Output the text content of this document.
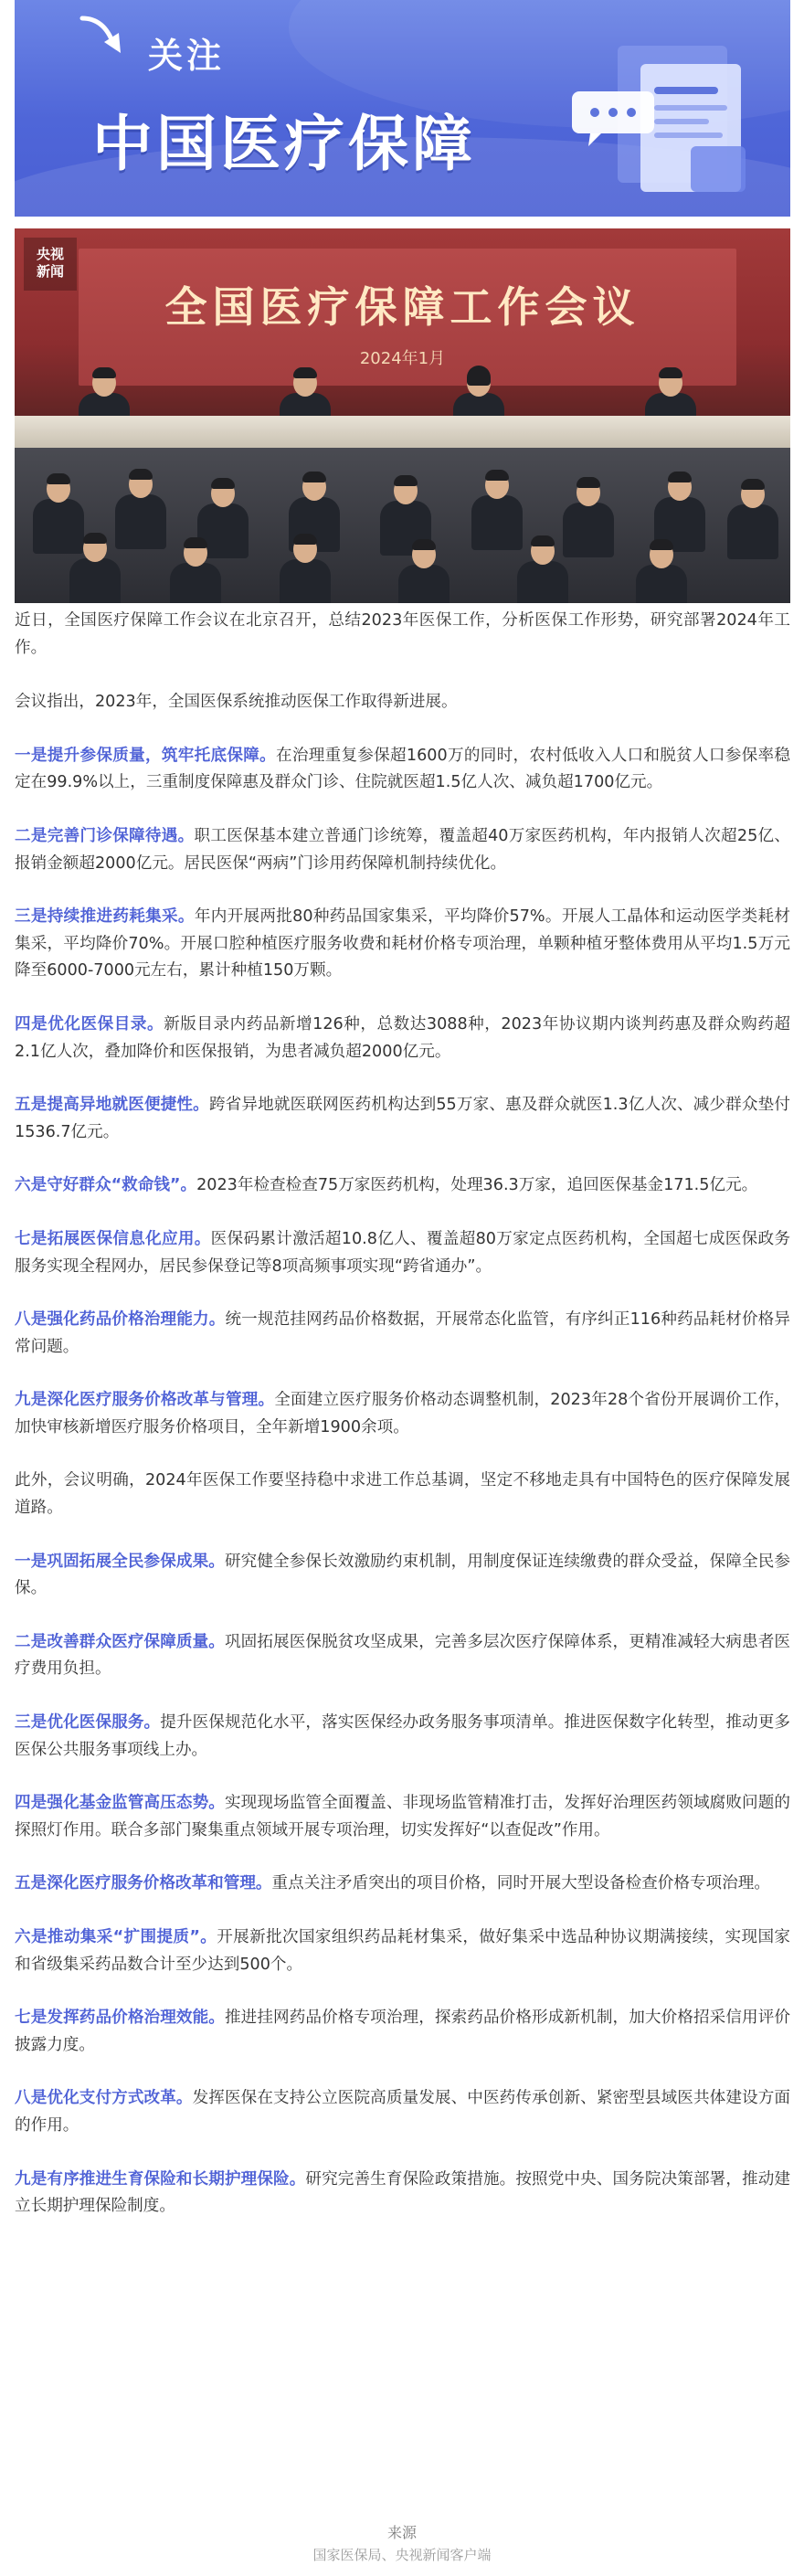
关注
中国医疗保障
央视
新闻
全国医疗保障工作会议
2024年1月

近日，全国医疗保障工作会议在北京召开，总结2023年医保工作，分析医保工作形势，研究部署2024年工作。

会议指出，2023年，全国医保系统推动医保工作取得新进展。

一是提升参保质量，筑牢托底保障。在治理重复参保超1600万的同时，农村低收入人口和脱贫人口参保率稳定在99.9%以上，三重制度保障惠及群众门诊、住院就医超1.5亿人次、减负超1700亿元。

二是完善门诊保障待遇。职工医保基本建立普通门诊统筹，覆盖超40万家医药机构，年内报销人次超25亿、报销金额超2000亿元。居民医保“两病”门诊用药保障机制持续优化。

三是持续推进药耗集采。年内开展两批80种药品国家集采，平均降价57%。开展人工晶体和运动医学类耗材集采，平均降价70%。开展口腔种植医疗服务收费和耗材价格专项治理，单颗种植牙整体费用从平均1.5万元降至6000-7000元左右，累计种植150万颗。

四是优化医保目录。新版目录内药品新增126种，总数达3088种，2023年协议期内谈判药惠及群众购药超2.1亿人次，叠加降价和医保报销，为患者减负超2000亿元。

五是提高异地就医便捷性。跨省异地就医联网医药机构达到55万家、惠及群众就医1.3亿人次、减少群众垫付1536.7亿元。

六是守好群众“救命钱”。2023年检查检查75万家医药机构，处理36.3万家，追回医保基金171.5亿元。

七是拓展医保信息化应用。医保码累计激活超10.8亿人、覆盖超80万家定点医药机构，全国超七成医保政务服务实现全程网办，居民参保登记等8项高频事项实现“跨省通办”。

八是强化药品价格治理能力。统一规范挂网药品价格数据，开展常态化监管，有序纠正116种药品耗材价格异常问题。

九是深化医疗服务价格改革与管理。全面建立医疗服务价格动态调整机制，2023年28个省份开展调价工作，加快审核新增医疗服务价格项目，全年新增1900余项。

此外，会议明确，2024年医保工作要坚持稳中求进工作总基调，坚定不移地走具有中国特色的医疗保障发展道路。

一是巩固拓展全民参保成果。研究健全参保长效激励约束机制，用制度保证连续缴费的群众受益，保障全民参保。

二是改善群众医疗保障质量。巩固拓展医保脱贫攻坚成果，完善多层次医疗保障体系，更精准减轻大病患者医疗费用负担。

三是优化医保服务。提升医保规范化水平，落实医保经办政务服务事项清单。推进医保数字化转型，推动更多医保公共服务事项线上办。

四是强化基金监管高压态势。实现现场监管全面覆盖、非现场监管精准打击，发挥好治理医药领域腐败问题的探照灯作用。联合多部门聚集重点领域开展专项治理，切实发挥好“以查促改”作用。

五是深化医疗服务价格改革和管理。重点关注矛盾突出的项目价格，同时开展大型设备检查价格专项治理。

六是推动集采“扩围提质”。开展新批次国家组织药品耗材集采，做好集采中选品种协议期满接续，实现国家和省级集采药品数合计至少达到500个。

七是发挥药品价格治理效能。推进挂网药品价格专项治理，探索药品价格形成新机制，加大价格招采信用评价披露力度。

八是优化支付方式改革。发挥医保在支持公立医院高质量发展、中医药传承创新、紧密型县域医共体建设方面的作用。

九是有序推进生育保险和长期护理保险。研究完善生育保险政策措施。按照党中央、国务院决策部署，推动建立长期护理保险制度。

来源
国家医保局、央视新闻客户端
